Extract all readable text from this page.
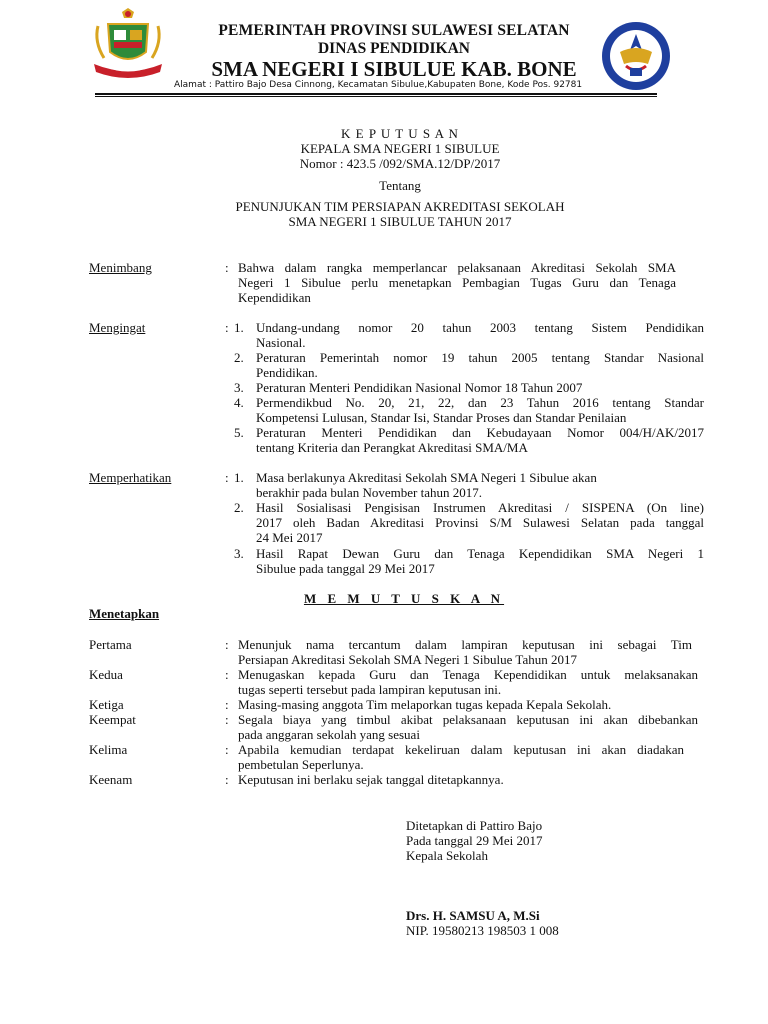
PEMERINTAH PROVINSI SULAWESI SELATAN
DINAS PENDIDIKAN
SMA NEGERI I SIBULUE KAB. BONE
Alamat : Pattiro Bajo Desa Cinnong, Kecamatan Sibulue,Kabupaten Bone, Kode Pos. 92781
K E P U T U S A N
KEPALA SMA NEGERI 1 SIBULUE
Nomor : 423.5 /092/SMA.12/DP/2017
Tentang
PENUNJUKAN TIM PERSIAPAN AKREDITASI SEKOLAH
SMA NEGERI 1 SIBULUE TAHUN 2017
Menimbang	: Bahwa dalam rangka memperlancar pelaksanaan Akreditasi Sekolah SMA
Negeri 1 Sibulue perlu menetapkan Pembagian Tugas Guru dan Tenaga
Kependidikan
Mengingat	: 1. Undang-undang nomor 20 tahun 2003 tentang Sistem Pendidikan
Nasional.
2. Peraturan Pemerintah nomor 19 tahun 2005 tentang Standar Nasional
Pendidikan.
3. Peraturan Menteri Pendidikan Nasional Nomor 18 Tahun 2007
4. Permendikbud No. 20, 21, 22, dan 23 Tahun 2016 tentang Standar
Kompetensi Lulusan, Standar Isi, Standar Proses dan Standar Penilaian
5. Peraturan Menteri Pendidikan dan Kebudayaan Nomor 004/H/AK/2017
tentang Kriteria dan Perangkat Akreditasi SMA/MA
Memperhatikan	: 1. Masa berlakunya Akreditasi Sekolah SMA Negeri 1 Sibulue akan
berakhir pada bulan November tahun 2017.
2. Hasil Sosialisasi Pengisisan Instrumen Akreditasi / SISPENA (On line)
2017 oleh Badan Akreditasi Provinsi S/M Sulawesi Selatan pada tanggal
24 Mei 2017
3. Hasil Rapat Dewan Guru dan Tenaga Kependidikan SMA Negeri 1
Sibulue pada tanggal 29 Mei 2017
M E M U T U S K A N
Menetapkan
Pertama	: Menunjuk nama tercantum dalam lampiran keputusan ini sebagai Tim
Persiapan Akreditasi Sekolah SMA Negeri 1 Sibulue Tahun 2017
Kedua	: Menugaskan kepada Guru dan Tenaga Kependidikan untuk melaksanakan
tugas seperti tersebut pada lampiran keputusan ini.
Ketiga	: Masing-masing anggota Tim melaporkan tugas kepada Kepala Sekolah.
Keempat	: Segala biaya yang timbul akibat pelaksanaan keputusan ini akan dibebankan
pada anggaran sekolah yang sesuai
Kelima	: Apabila kemudian terdapat kekeliruan dalam keputusan ini akan diadakan
pembetulan Seperlunya.
Keenam	: Keputusan ini berlaku sejak tanggal ditetapkannya.
Ditetapkan di Pattiro Bajo
Pada tanggal 29 Mei 2017
Kepala Sekolah
Drs. H. SAMSU A, M.Si
NIP. 19580213 198503 1 008
